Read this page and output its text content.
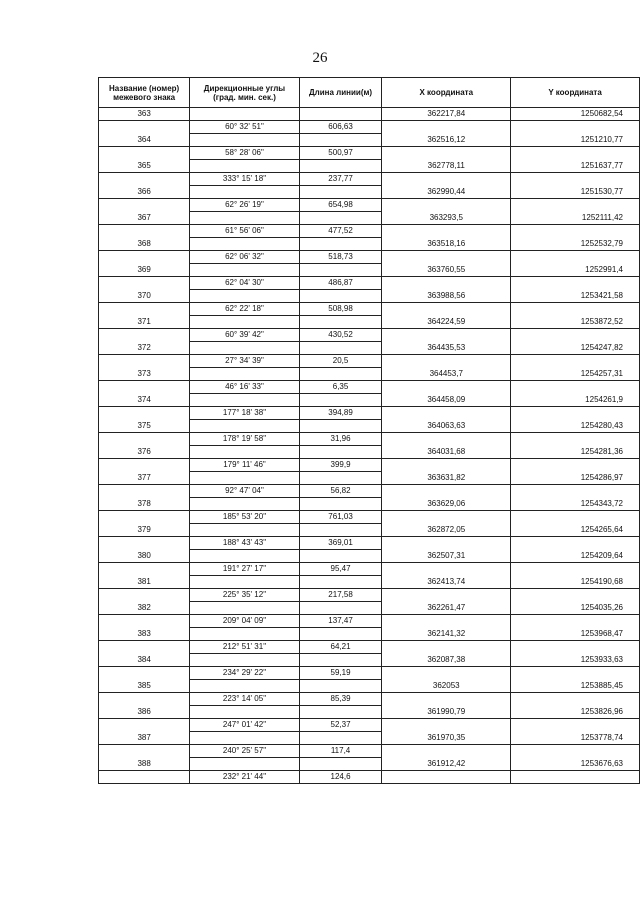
26
Название (номер) межевого знака	Дирекционные углы (град. мин. сек.)	Длина линии(м)	X координата	Y координата
363			362217,84	1250682,54
	60° 32' 51"	606,63		
364			362516,12	1251210,77
	58° 28' 06"	500,97		
365			362778,11	1251637,77
	333° 15' 18"	237,77		
366			362990,44	1251530,77
	62° 26' 19"	654,98		
367			363293,5	1252111,42
	61° 56' 06"	477,52		
368			363518,16	1252532,79
	62° 06' 32"	518,73		
369			363760,55	1252991,4
	62° 04' 30"	486,87		
370			363988,56	1253421,58
	62° 22' 18"	508,98		
371			364224,59	1253872,52
	60° 39' 42"	430,52		
372			364435,53	1254247,82
	27° 34' 39"	20,5		
373			364453,7	1254257,31
	46° 16' 33"	6,35		
374			364458,09	1254261,9
	177° 18' 38"	394,89		
375			364063,63	1254280,43
	178° 19' 58"	31,96		
376			364031,68	1254281,36
	179° 11' 46"	399,9		
377			363631,82	1254286,97
	92° 47' 04"	56,82		
378			363629,06	1254343,72
	185° 53' 20"	761,03		
379			362872,05	1254265,64
	188° 43' 43"	369,01		
380			362507,31	1254209,64
	191° 27' 17"	95,47		
381			362413,74	1254190,68
	225° 35' 12"	217,58		
382			362261,47	1254035,26
	209° 04' 09"	137,47		
383			362141,32	1253968,47
	212° 51' 31"	64,21		
384			362087,38	1253933,63
	234° 29' 22"	59,19		
385			362053	1253885,45
	223° 14' 05"	85,39		
386			361990,79	1253826,96
	247° 01' 42"	52,37		
387			361970,35	1253778,74
	240° 25' 57"	117,4		
388			361912,42	1253676,63
	232° 21' 44"	124,6		
